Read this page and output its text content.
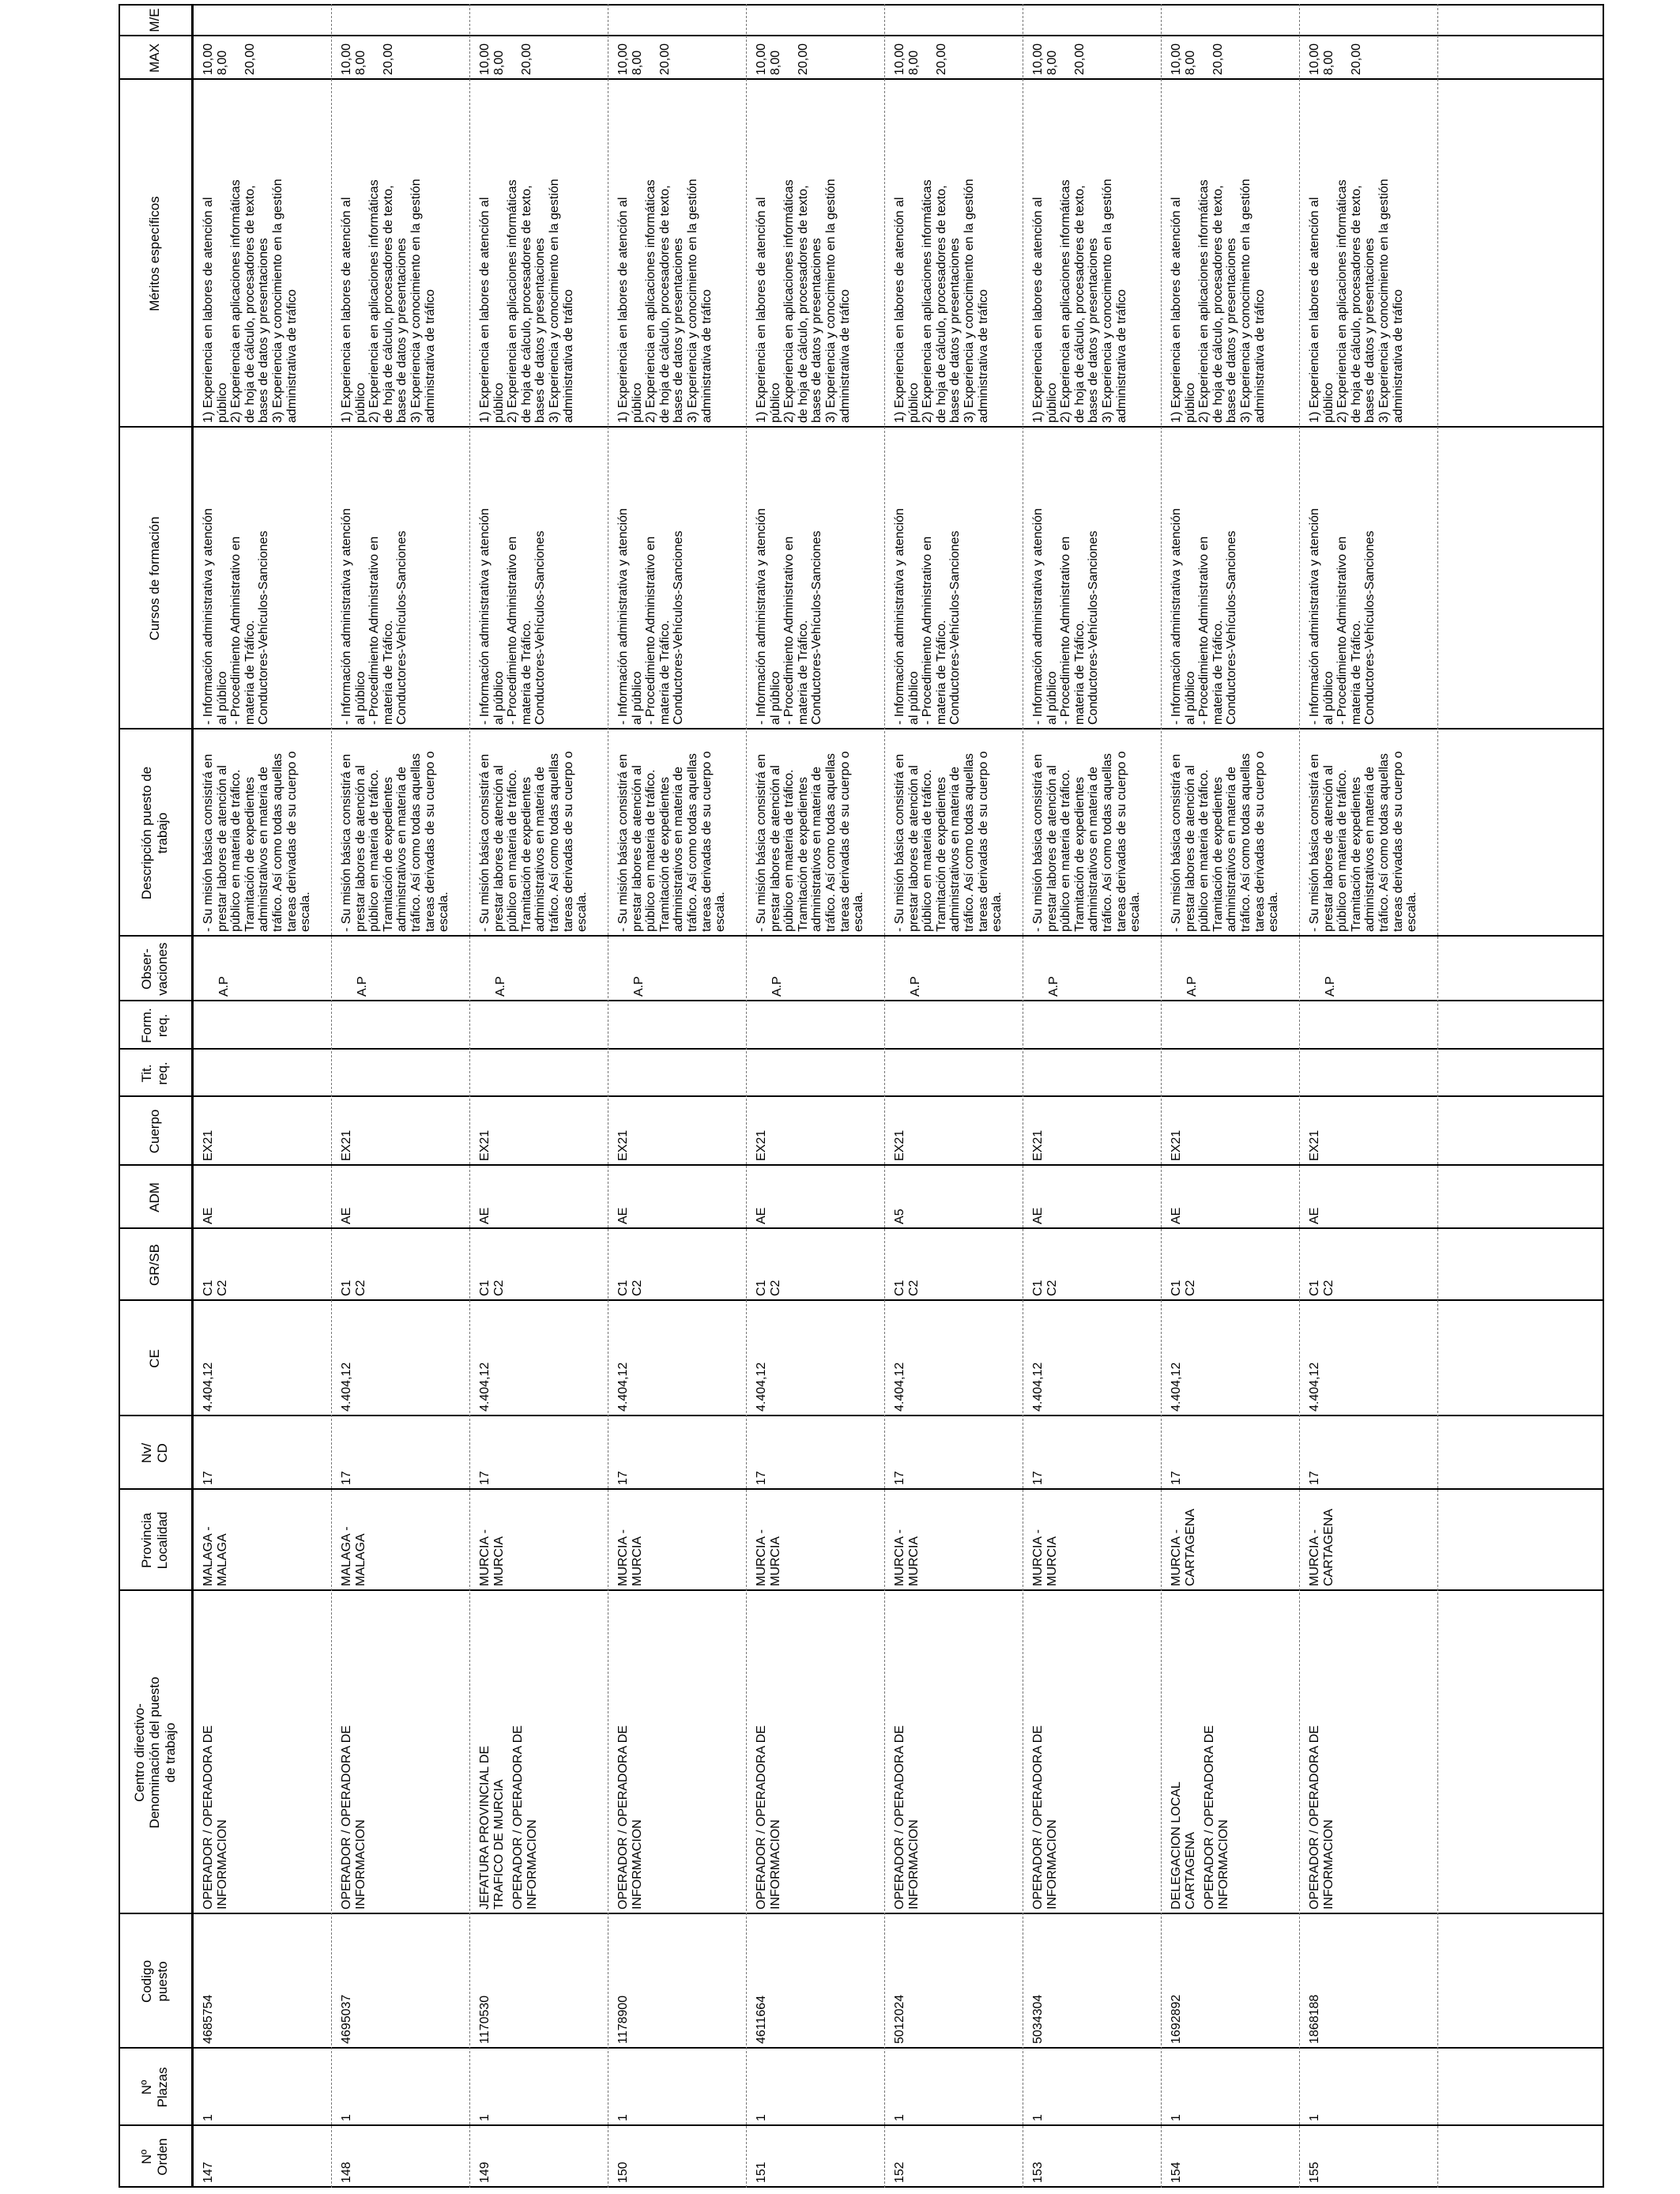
Nº
Orden
Nº
Plazas
Codigo
puesto
Centro directivo-
Denominación del puesto
de trabajo
Provincia
Localidad
Nv/
CD
CE
GR/SB
ADM
Cuerpo
Tit.
req.
Form.
req.
Obser-
vaciones
Descripción puesto de
trabajo
Cursos de formación
Méritos específicos
MAX
M/E
147
1
4685754
OPERADOR / OPERADORA DE
INFORMACION
MALAGA -
MALAGA
17
4.404,12
C1
C2
AE
EX21
A.P
- Su misión básica consistirá en
prestar labores de atención al
público en materia de tráfico.
Tramitación de expedientes
administrativos en materia de
tráfico. Así como todas aquellas
tareas derivadas de su cuerpo o
escala.
- Información administrativa y atención
al público
- Procedimiento Administrativo en
materia de Tráfico.
Conductores-Vehículos-Sanciones
1) Experiencia en labores de atención al
público
2) Experiencia en aplicaciones informáticas
de hoja de cálculo, procesadores de texto,
bases de datos y presentaciones
3) Experiencia y conocimiento en la gestión
administrativa de tráfico
10,00
8,00

20,00
148
1
4695037
OPERADOR / OPERADORA DE
INFORMACION
MALAGA -
MALAGA
17
4.404,12
C1
C2
AE
EX21
A.P
- Su misión básica consistirá en
prestar labores de atención al
público en materia de tráfico.
Tramitación de expedientes
administrativos en materia de
tráfico. Así como todas aquellas
tareas derivadas de su cuerpo o
escala.
- Información administrativa y atención
al público
- Procedimiento Administrativo en
materia de Tráfico.
Conductores-Vehículos-Sanciones
1) Experiencia en labores de atención al
público
2) Experiencia en aplicaciones informáticas
de hoja de cálculo, procesadores de texto,
bases de datos y presentaciones
3) Experiencia y conocimiento en la gestión
administrativa de tráfico
10,00
8,00

20,00
149
1
1170530
OPERADOR / OPERADORA DE
INFORMACION
MURCIA -
MURCIA
17
4.404,12
C1
C2
AE
EX21
A.P
- Su misión básica consistirá en
prestar labores de atención al
público en materia de tráfico.
Tramitación de expedientes
administrativos en materia de
tráfico. Así como todas aquellas
tareas derivadas de su cuerpo o
escala.
- Información administrativa y atención
al público
- Procedimiento Administrativo en
materia de Tráfico.
Conductores-Vehículos-Sanciones
1) Experiencia en labores de atención al
público
2) Experiencia en aplicaciones informáticas
de hoja de cálculo, procesadores de texto,
bases de datos y presentaciones
3) Experiencia y conocimiento en la gestión
administrativa de tráfico
10,00
8,00

20,00
JEFATURA PROVINCIAL DE
TRAFICO DE MURCIA
150
1
1178900
OPERADOR / OPERADORA DE
INFORMACION
MURCIA -
MURCIA
17
4.404,12
C1
C2
AE
EX21
A.P
- Su misión básica consistirá en
prestar labores de atención al
público en materia de tráfico.
Tramitación de expedientes
administrativos en materia de
tráfico. Así como todas aquellas
tareas derivadas de su cuerpo o
escala.
- Información administrativa y atención
al público
- Procedimiento Administrativo en
materia de Tráfico.
Conductores-Vehículos-Sanciones
1) Experiencia en labores de atención al
público
2) Experiencia en aplicaciones informáticas
de hoja de cálculo, procesadores de texto,
bases de datos y presentaciones
3) Experiencia y conocimiento en la gestión
administrativa de tráfico
10,00
8,00

20,00
151
1
4611664
OPERADOR / OPERADORA DE
INFORMACION
MURCIA -
MURCIA
17
4.404,12
C1
C2
AE
EX21
A.P
- Su misión básica consistirá en
prestar labores de atención al
público en materia de tráfico.
Tramitación de expedientes
administrativos en materia de
tráfico. Así como todas aquellas
tareas derivadas de su cuerpo o
escala.
- Información administrativa y atención
al público
- Procedimiento Administrativo en
materia de Tráfico.
Conductores-Vehículos-Sanciones
1) Experiencia en labores de atención al
público
2) Experiencia en aplicaciones informáticas
de hoja de cálculo, procesadores de texto,
bases de datos y presentaciones
3) Experiencia y conocimiento en la gestión
administrativa de tráfico
10,00
8,00

20,00
152
1
5012024
OPERADOR / OPERADORA DE
INFORMACION
MURCIA -
MURCIA
17
4.404,12
C1
C2
A5
EX21
A.P
- Su misión básica consistirá en
prestar labores de atención al
público en materia de tráfico.
Tramitación de expedientes
administrativos en materia de
tráfico. Así como todas aquellas
tareas derivadas de su cuerpo o
escala.
- Información administrativa y atención
al público
- Procedimiento Administrativo en
materia de Tráfico.
Conductores-Vehículos-Sanciones
1) Experiencia en labores de atención al
público
2) Experiencia en aplicaciones informáticas
de hoja de cálculo, procesadores de texto,
bases de datos y presentaciones
3) Experiencia y conocimiento en la gestión
administrativa de tráfico
10,00
8,00

20,00
153
1
5034304
OPERADOR / OPERADORA DE
INFORMACION
MURCIA -
MURCIA
17
4.404,12
C1
C2
AE
EX21
A.P
- Su misión básica consistirá en
prestar labores de atención al
público en materia de tráfico.
Tramitación de expedientes
administrativos en materia de
tráfico. Así como todas aquellas
tareas derivadas de su cuerpo o
escala.
- Información administrativa y atención
al público
- Procedimiento Administrativo en
materia de Tráfico.
Conductores-Vehículos-Sanciones
1) Experiencia en labores de atención al
público
2) Experiencia en aplicaciones informáticas
de hoja de cálculo, procesadores de texto,
bases de datos y presentaciones
3) Experiencia y conocimiento en la gestión
administrativa de tráfico
10,00
8,00

20,00
154
1
1692892
OPERADOR / OPERADORA DE
INFORMACION
MURCIA -
CARTAGENA
17
4.404,12
C1
C2
AE
EX21
A.P
- Su misión básica consistirá en
prestar labores de atención al
público en materia de tráfico.
Tramitación de expedientes
administrativos en materia de
tráfico. Así como todas aquellas
tareas derivadas de su cuerpo o
escala.
- Información administrativa y atención
al público
- Procedimiento Administrativo en
materia de Tráfico.
Conductores-Vehículos-Sanciones
1) Experiencia en labores de atención al
público
2) Experiencia en aplicaciones informáticas
de hoja de cálculo, procesadores de texto,
bases de datos y presentaciones
3) Experiencia y conocimiento en la gestión
administrativa de tráfico
10,00
8,00

20,00
DELEGACION LOCAL
CARTAGENA
155
1
1868188
OPERADOR / OPERADORA DE
INFORMACION
MURCIA -
CARTAGENA
17
4.404,12
C1
C2
AE
EX21
A.P
- Su misión básica consistirá en
prestar labores de atención al
público en materia de tráfico.
Tramitación de expedientes
administrativos en materia de
tráfico. Así como todas aquellas
tareas derivadas de su cuerpo o
escala.
- Información administrativa y atención
al público
- Procedimiento Administrativo en
materia de Tráfico.
Conductores-Vehículos-Sanciones
1) Experiencia en labores de atención al
público
2) Experiencia en aplicaciones informáticas
de hoja de cálculo, procesadores de texto,
bases de datos y presentaciones
3) Experiencia y conocimiento en la gestión
administrativa de tráfico
10,00
8,00

20,00
